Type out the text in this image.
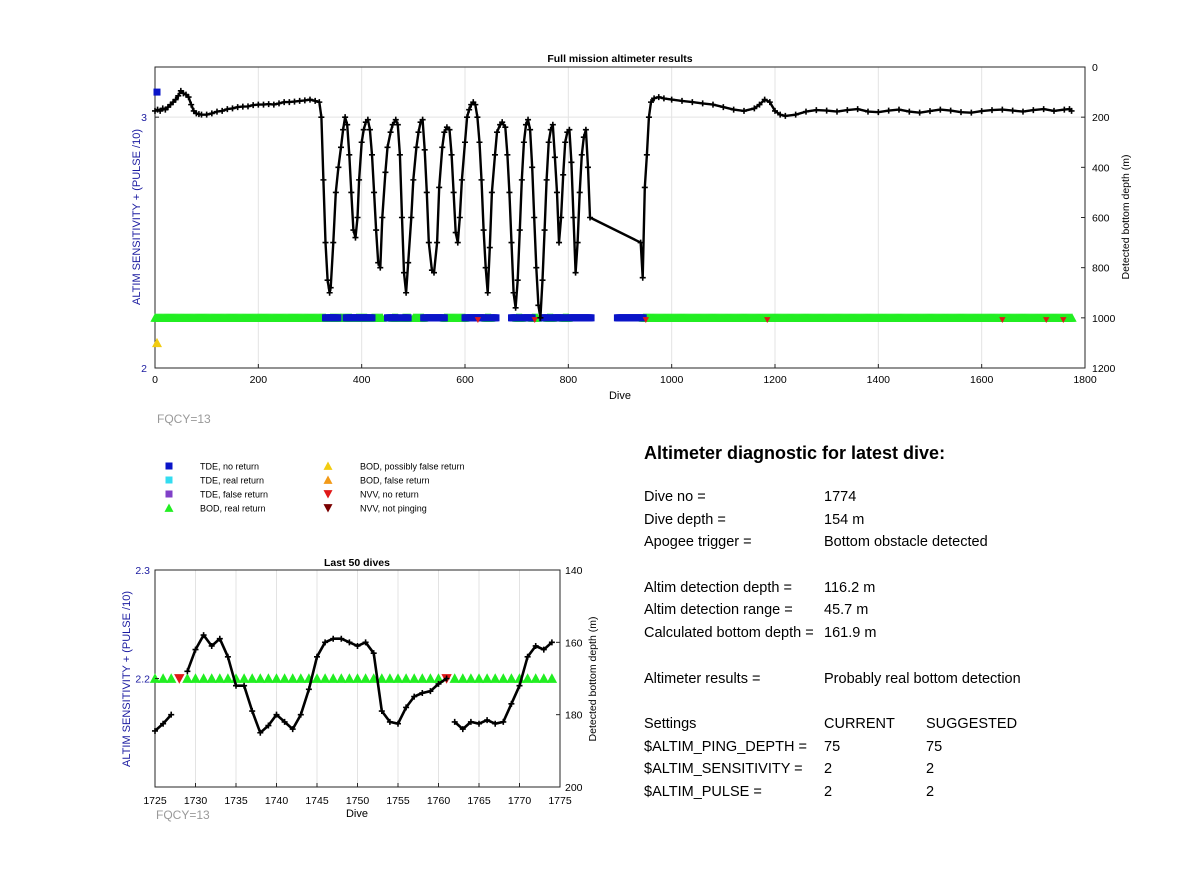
Full mission altimeter results
0	200	400	600	800	1000	1200	1400	1600	1800
0
200
400
600
800
1000
1200
2
3
Dive
ALTIM SENSITIVITY + (PULSE /10)	Detected bottom depth (m)
FQCY=13
TDE, no return
TDE, real return
TDE, false return
BOD, real return
BOD, possibly false return
BOD, false return
NVV, no return
NVV, not pinging
Last 50 dives
1725 1730 1735 1740 1745 1750 1755 1760 1765 1770 1775
140
160
180
200
2.2
2.3
Dive
ALTIM SENSITIVITY + (PULSE /10)	Detected bottom depth (m)
FQCY=13
Altimeter diagnostic for latest dive:
Dive no =	1774
Dive depth =	154 m
Apogee trigger =	Bottom obstacle detected
Altim detection depth = 116.2 m
Altim detection range = 45.7 m
Calculated bottom depth = 161.9 m
Altimeter results =	Probably real bottom detection
Settings	CURRENT SUGGESTED
$ALTIM_PING_DEPTH = 75	75
$ALTIM_SENSITIVITY = 2	2
$ALTIM_PULSE =	2	2
